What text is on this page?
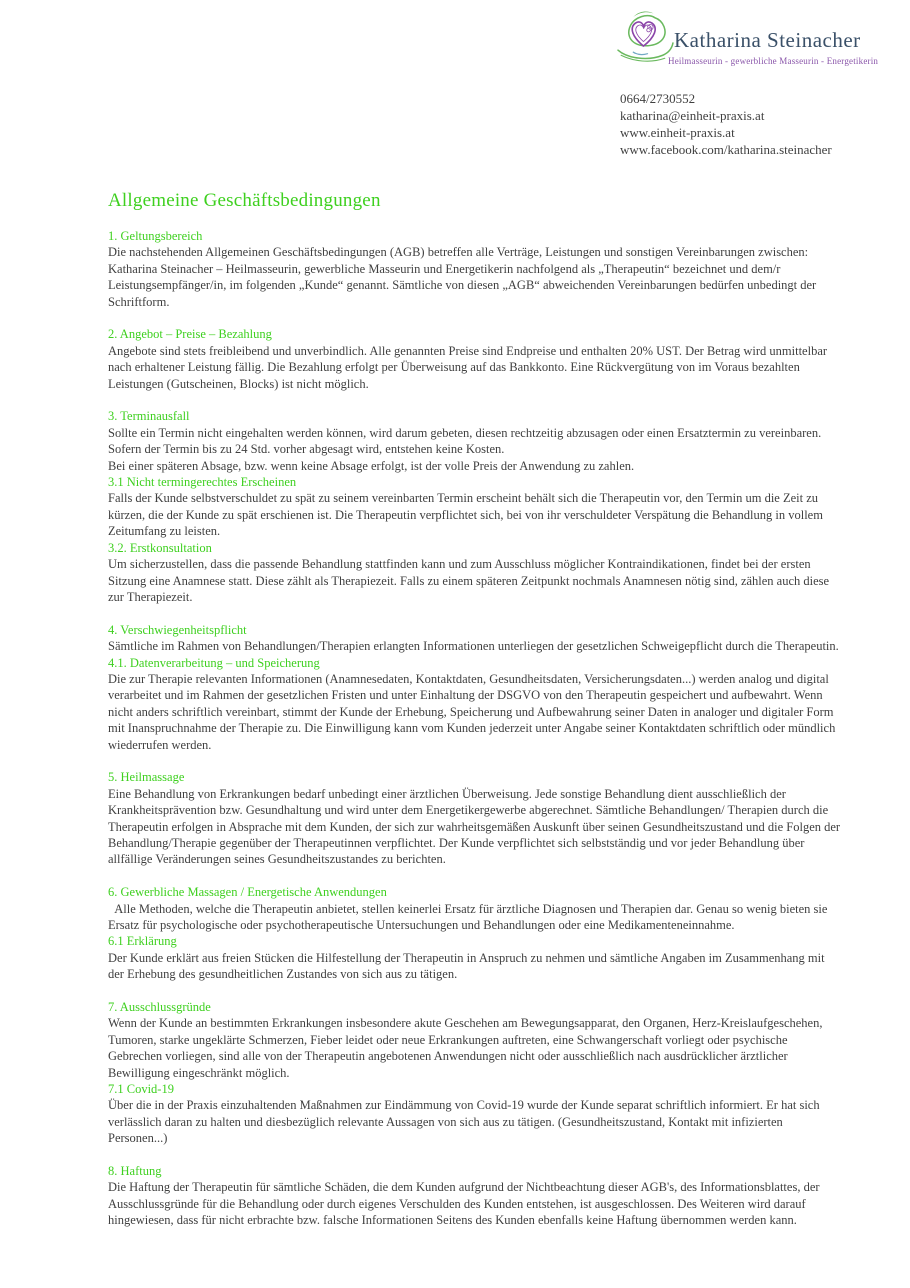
Katharina Steinacher
Heilmasseurin - gewerbliche Masseurin - Energetikerin
0664/2730552
katharina@einheit-praxis.at
www.einheit-praxis.at
www.facebook.com/katharina.steinacher
Allgemeine Geschäftsbedingungen
1. Geltungsbereich
Die nachstehenden Allgemeinen Geschäftsbedingungen (AGB) betreffen alle Verträge, Leistungen und sonstigen Vereinbarungen zwischen: Katharina Steinacher – Heilmasseurin, gewerbliche Masseurin und Energetikerin nachfolgend als „Therapeutin“ bezeichnet und dem/r Leistungsempfänger/in, im folgenden „Kunde“ genannt. Sämtliche von diesen „AGB“ abweichenden Vereinbarungen bedürfen unbedingt der Schriftform.
2. Angebot – Preise – Bezahlung
Angebote sind stets freibleibend und unverbindlich. Alle genannten Preise sind Endpreise und enthalten 20% UST. Der Betrag wird unmittelbar nach erhaltener Leistung fällig. Die Bezahlung erfolgt per Überweisung auf das Bankkonto. Eine Rückvergütung von im Voraus bezahlten Leistungen (Gutscheinen, Blocks) ist nicht möglich.
3. Terminausfall
Sollte ein Termin nicht eingehalten werden können, wird darum gebeten, diesen rechtzeitig abzusagen oder einen Ersatztermin zu vereinbaren. Sofern der Termin bis zu 24 Std. vorher abgesagt wird, entstehen keine Kosten.
Bei einer späteren Absage, bzw. wenn keine Absage erfolgt, ist der volle Preis der Anwendung zu zahlen.
3.1 Nicht termingerechtes Erscheinen
Falls der Kunde selbstverschuldet zu spät zu seinem vereinbarten Termin erscheint behält sich die Therapeutin vor, den Termin um die Zeit zu kürzen, die der Kunde zu spät erschienen ist. Die Therapeutin verpflichtet sich, bei von ihr verschuldeter Verspätung die Behandlung in vollem Zeitumfang zu leisten.
3.2. Erstkonsultation
Um sicherzustellen, dass die passende Behandlung stattfinden kann und zum Ausschluss möglicher Kontraindikationen, findet bei der ersten Sitzung eine Anamnese statt. Diese zählt als Therapiezeit. Falls zu einem späteren Zeitpunkt nochmals Anamnesen nötig sind, zählen auch diese zur Therapiezeit.
4. Verschwiegenheitspflicht
Sämtliche im Rahmen von Behandlungen/Therapien erlangten Informationen unterliegen der gesetzlichen Schweigepflicht durch die Therapeutin.
4.1. Datenverarbeitung – und Speicherung
Die zur Therapie relevanten Informationen (Anamnesedaten, Kontaktdaten, Gesundheitsdaten, Versicherungsdaten...) werden analog und digital verarbeitet und im Rahmen der gesetzlichen Fristen und unter Einhaltung der DSGVO von den Therapeutin gespeichert und aufbewahrt. Wenn nicht anders schriftlich vereinbart, stimmt der Kunde der Erhebung, Speicherung und Aufbewahrung seiner Daten in analoger und digitaler Form mit Inanspruchnahme der Therapie zu. Die Einwilligung kann vom Kunden jederzeit unter Angabe seiner Kontaktdaten schriftlich oder mündlich wiederrufen werden.
5. Heilmassage
Eine Behandlung von Erkrankungen bedarf unbedingt einer ärztlichen Überweisung. Jede sonstige Behandlung dient ausschließlich der Krankheitsprävention bzw. Gesundhaltung und wird unter dem Energetikergewerbe abgerechnet. Sämtliche Behandlungen/ Therapien durch die Therapeutin erfolgen in Absprache mit dem Kunden, der sich zur wahrheitsgemäßen Auskunft über seinen Gesundheitszustand und die Folgen der Behandlung/Therapie gegenüber der Therapeutinnen verpflichtet. Der Kunde verpflichtet sich selbstständig und vor jeder Behandlung über allfällige Veränderungen seines Gesundheitszustandes zu berichten.
6. Gewerbliche Massagen / Energetische Anwendungen
Alle Methoden, welche die Therapeutin anbietet, stellen keinerlei Ersatz für ärztliche Diagnosen und Therapien dar. Genau so wenig bieten sie Ersatz für psychologische oder psychotherapeutische Untersuchungen und Behandlungen oder eine Medikamenteneinnahme.
6.1 Erklärung
Der Kunde erklärt aus freien Stücken die Hilfestellung der Therapeutin in Anspruch zu nehmen und sämtliche Angaben im Zusammenhang mit der Erhebung des gesundheitlichen Zustandes von sich aus zu tätigen.
7. Ausschlussgründe
Wenn der Kunde an bestimmten Erkrankungen insbesondere akute Geschehen am Bewegungsapparat, den Organen, Herz-Kreislaufgeschehen, Tumoren, starke ungeklärte Schmerzen, Fieber leidet oder neue Erkrankungen auftreten, eine Schwangerschaft vorliegt oder psychische Gebrechen vorliegen, sind alle von der Therapeutin angebotenen Anwendungen nicht oder ausschließlich nach ausdrücklicher ärztlicher Bewilligung eingeschränkt möglich.
7.1 Covid-19
Über die in der Praxis einzuhaltenden Maßnahmen zur Eindämmung von Covid-19 wurde der Kunde separat schriftlich informiert. Er hat sich verlässlich daran zu halten und diesbezüglich relevante Aussagen von sich aus zu tätigen. (Gesundheitszustand, Kontakt mit infizierten Personen...)
8. Haftung
Die Haftung der Therapeutin für sämtliche Schäden, die dem Kunden aufgrund der Nichtbeachtung dieser AGB's, des Informationsblattes, der Ausschlussgründe für die Behandlung oder durch eigenes Verschulden des Kunden entstehen, ist ausgeschlossen. Des Weiteren wird darauf hingewiesen, dass für nicht erbrachte bzw. falsche Informationen Seitens des Kunden ebenfalls keine Haftung übernommen werden kann.
